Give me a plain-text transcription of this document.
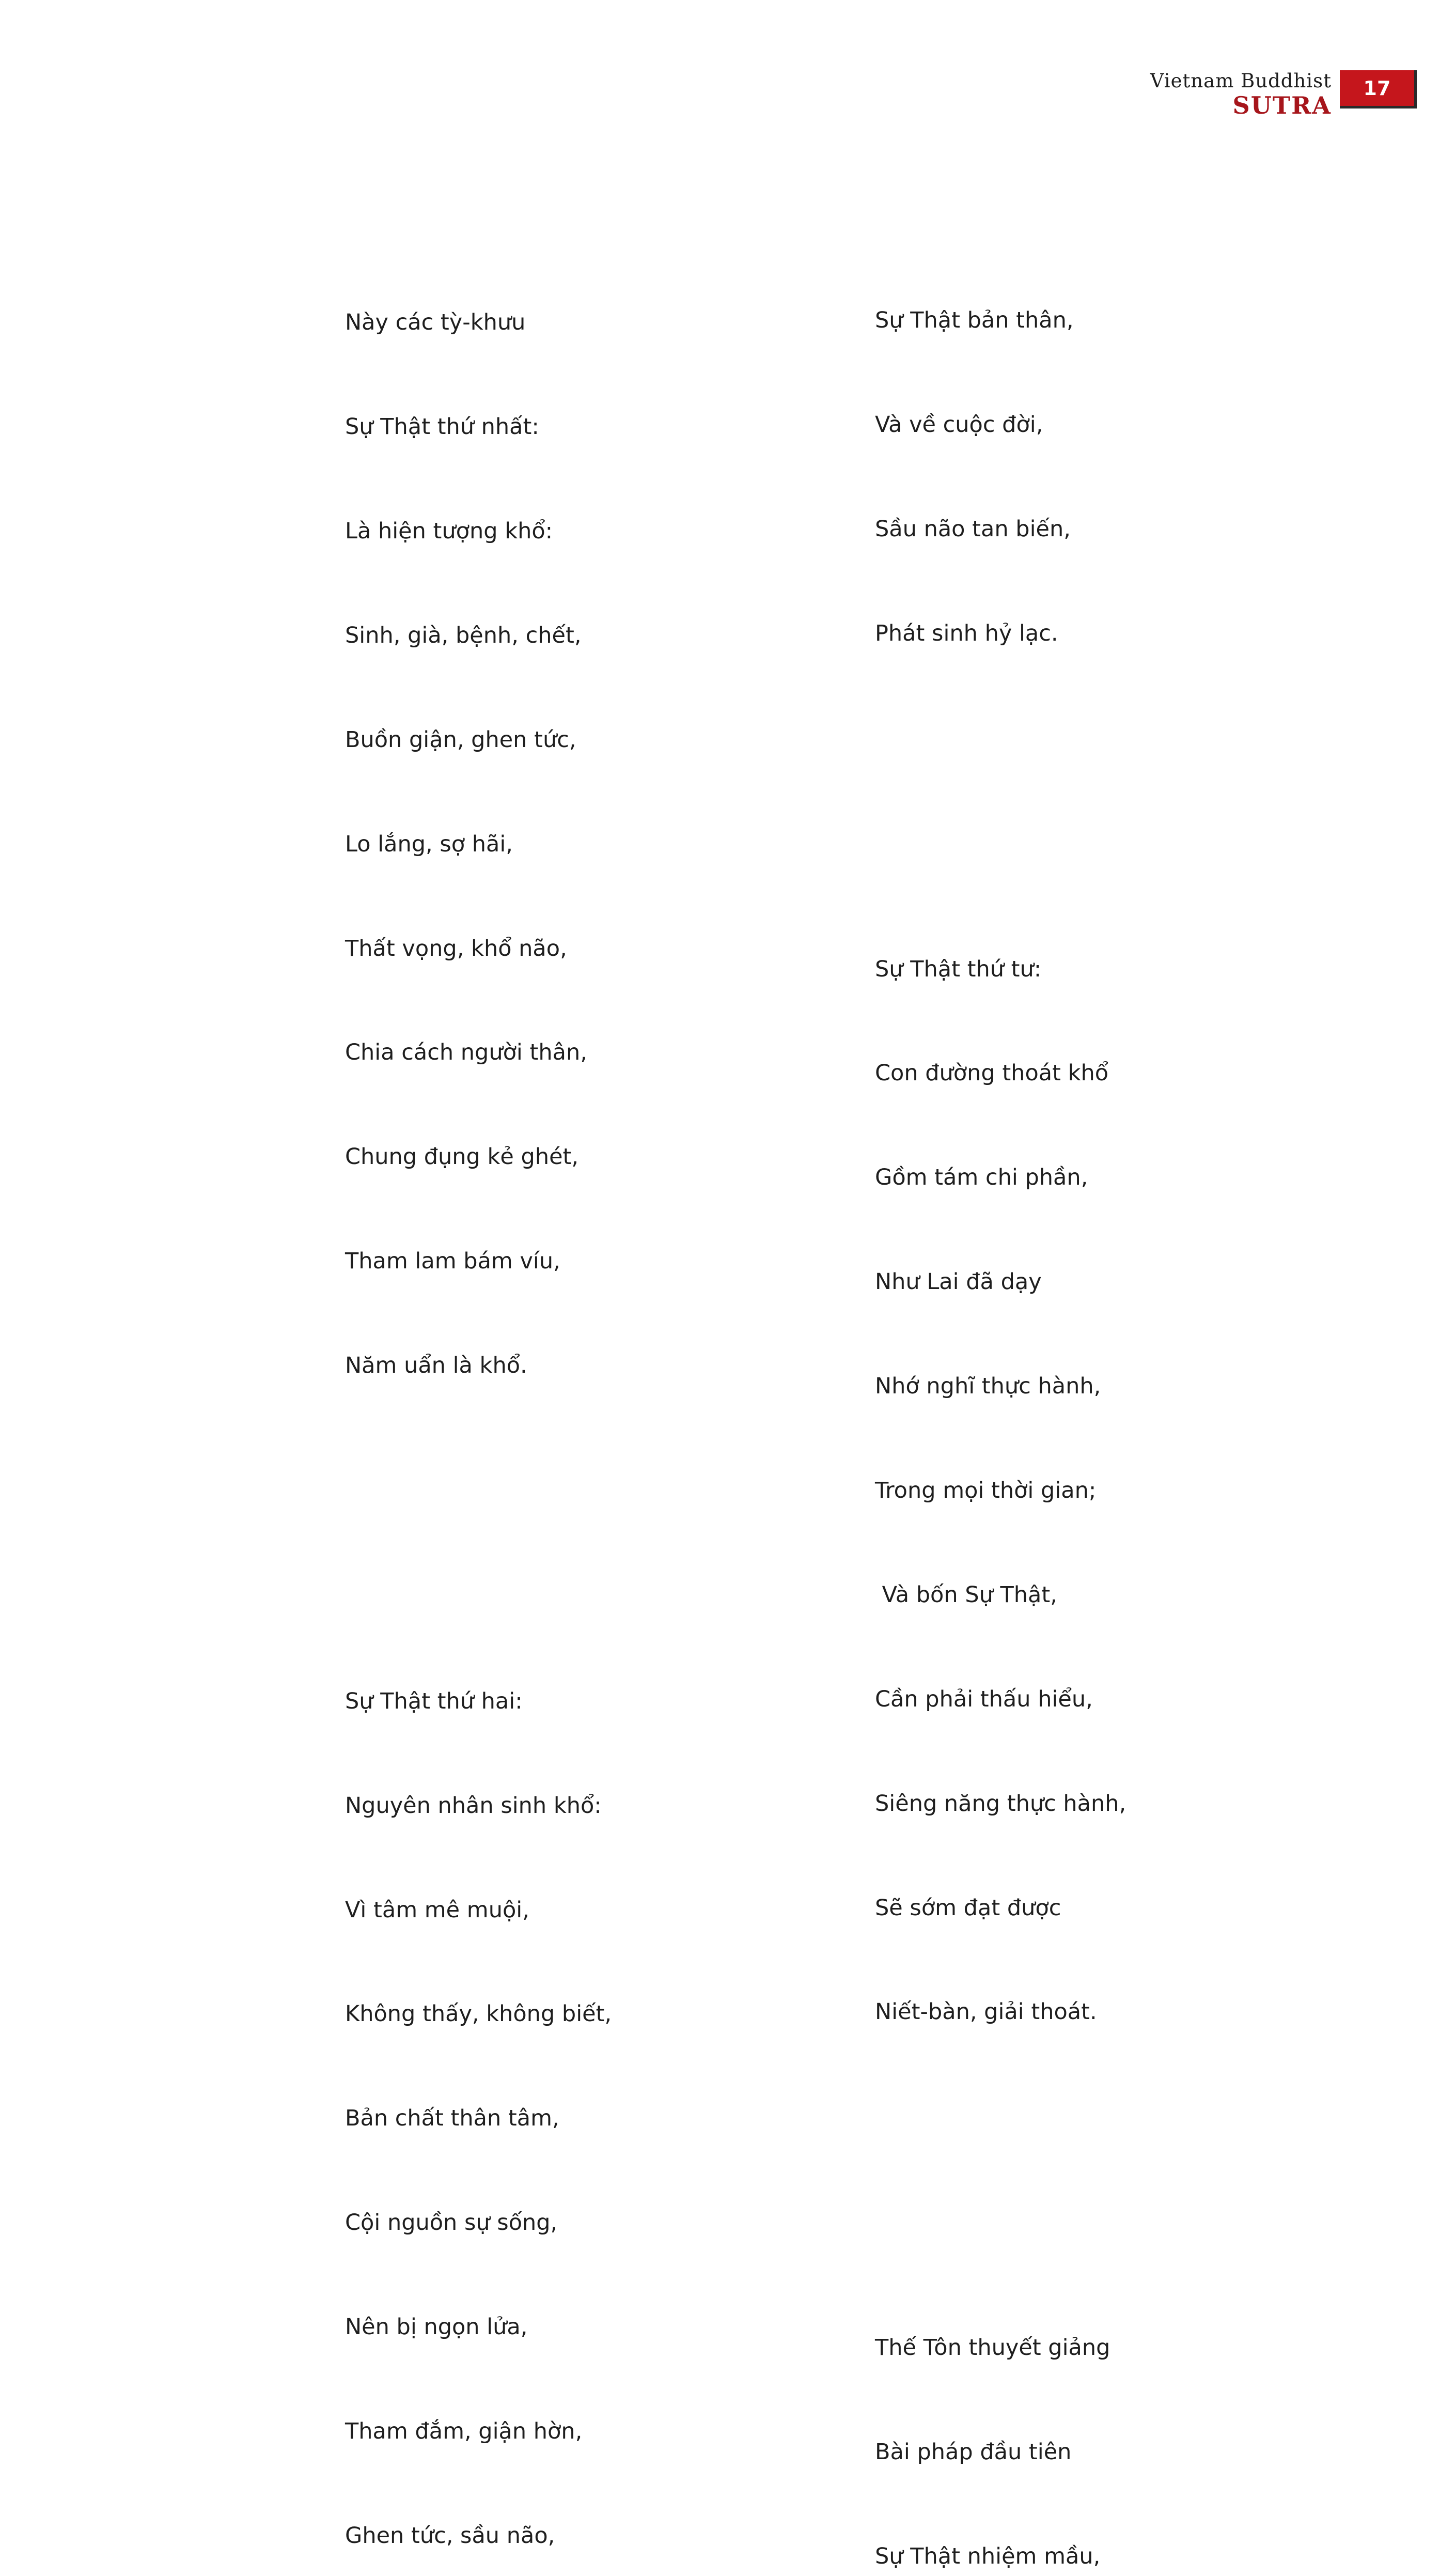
Vietnam Buddhist
SUTRA
17

Này các tỳ-khưu

Sự Thật thứ nhất:

Là hiện tượng khổ:

Sinh, già, bệnh, chết,

Buồn giận, ghen tức,

Lo lắng, sợ hãi,

Thất vọng, khổ não,

Chia cách người thân,

Chung đụng kẻ ghét,

Tham lam bám víu,

Năm uẩn là khổ.

Sự Thật thứ hai:

Nguyên nhân sinh khổ:

Vì tâm mê muội,

Không thấy, không biết,

Bản chất thân tâm,

Cội nguồn sự sống,

Nên bị ngọn lửa,

Tham đắm, giận hờn,

Ghen tức, sầu não,

Sự Thật bản thân,

Và về cuộc đời,

Sầu não tan biến,

Phát sinh hỷ lạc.

Sự Thật thứ tư:

Con đường thoát khổ

Gồm tám chi phần,

Như Lai đã dạy

Nhớ nghĩ thực hành,

Trong mọi thời gian;

Và bốn Sự Thật,

Cần phải thấu hiểu,

Siêng năng thực hành,

Sẽ sớm đạt được

Niết-bàn, giải thoát.

Thế Tôn thuyết giảng

Bài pháp đầu tiên

Sự Thật nhiệm mầu,
